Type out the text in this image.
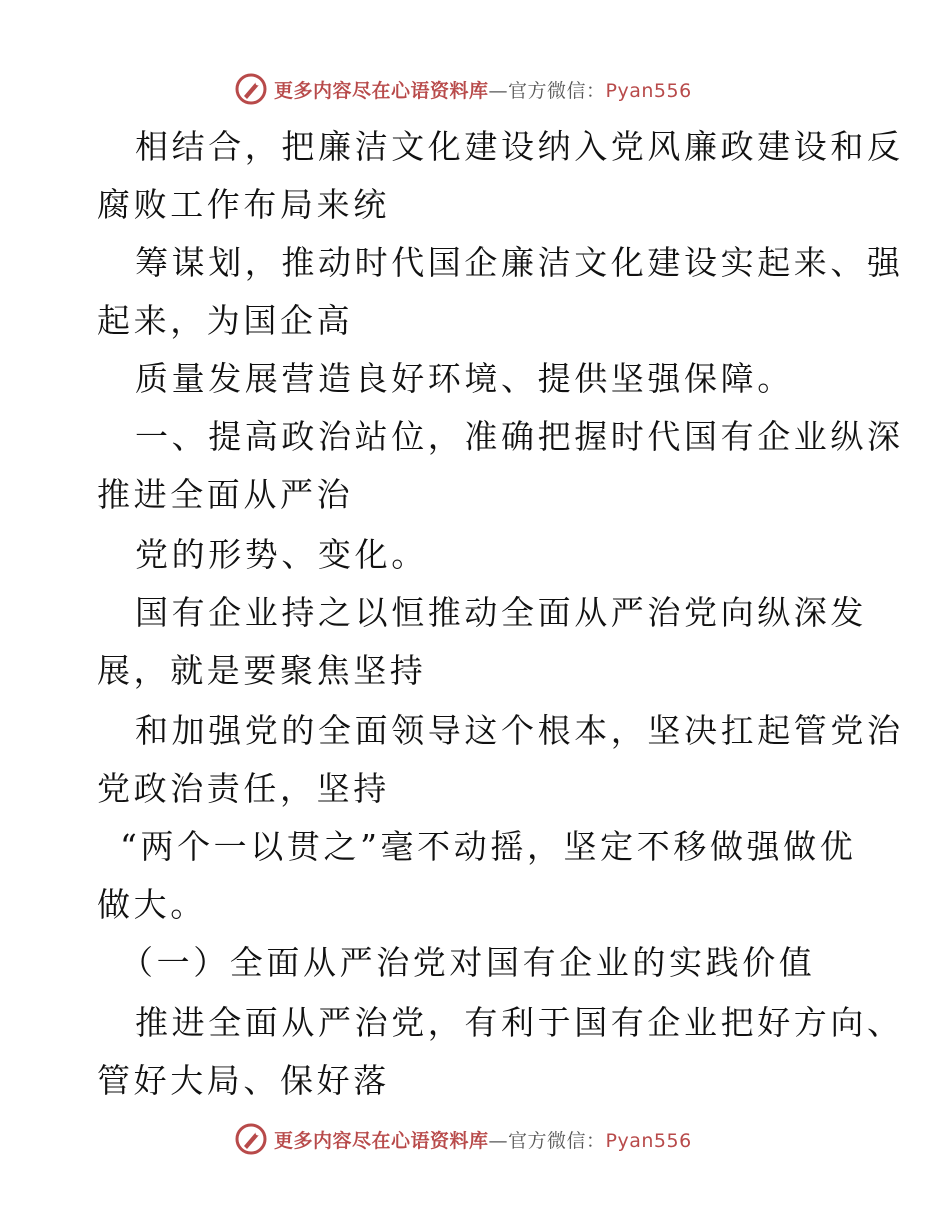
更多内容尽在心语资料库—官方微信：Pyan556
相结合，把廉洁文化建设纳入党风廉政建设和反
腐败工作布局来统
筹谋划，推动时代国企廉洁文化建设实起来、强
起来，为国企高
质量发展营造良好环境、提供坚强保障。
一、提高政治站位，准确把握时代国有企业纵深
推进全面从严治
党的形势、变化。
国有企业持之以恒推动全面从严治党向纵深发
展，就是要聚焦坚持
和加强党的全面领导这个根本，坚决扛起管党治
党政治责任，坚持
“两个一以贯之”毫不动摇，坚定不移做强做优
做大。
（一）全面从严治党对国有企业的实践价值
推进全面从严治党，有利于国有企业把好方向、
管好大局、保好落
更多内容尽在心语资料库—官方微信：Pyan556
